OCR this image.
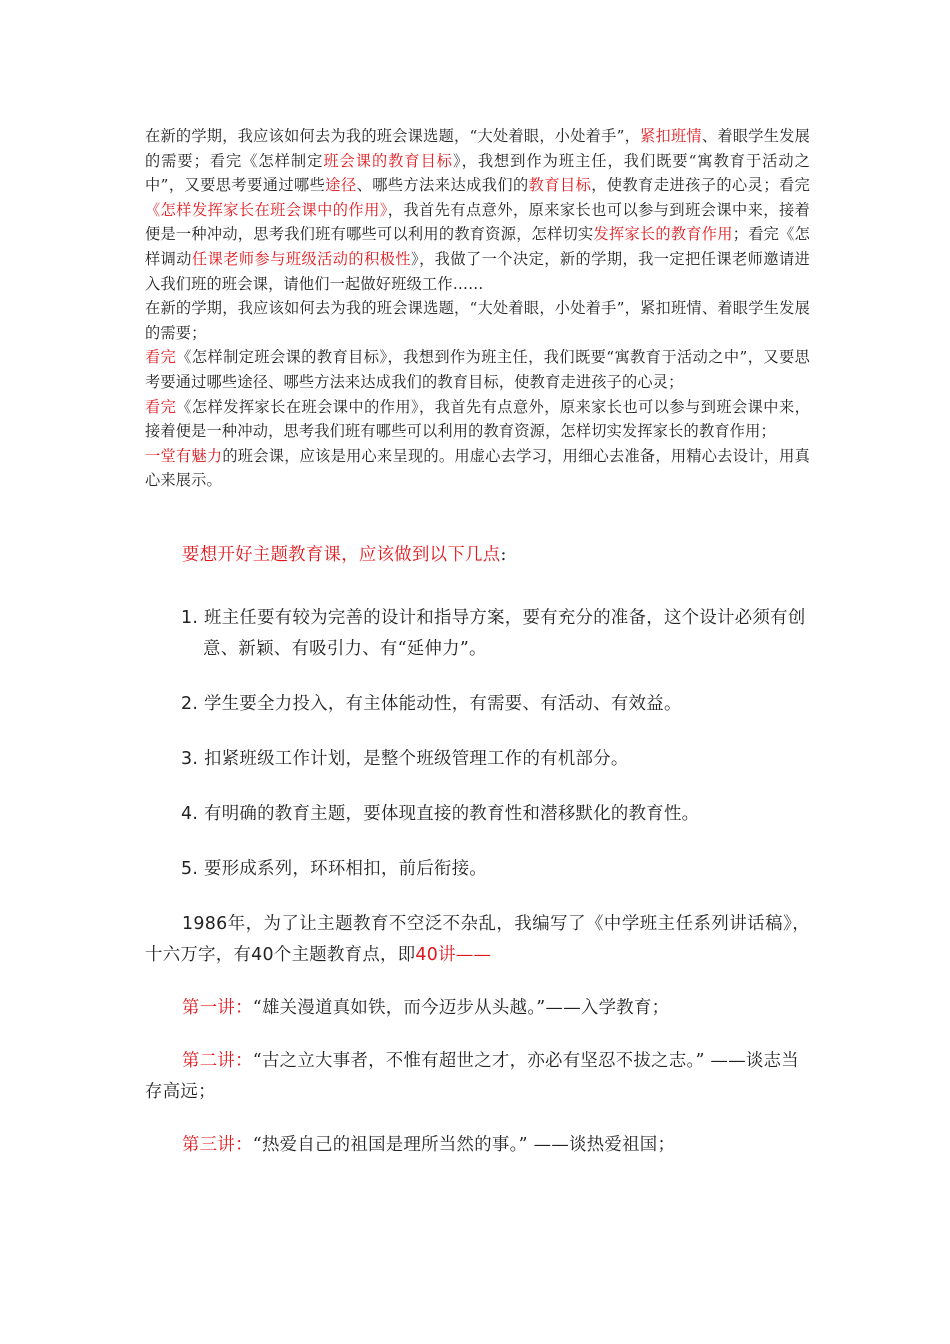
在新的学期，我应该如何去为我的班会课选题，“大处着眼，小处着手”，紧扣班情、着眼学生发展的需要；看完《怎样制定班会课的教育目标》，我想到作为班主任，我们既要“寓教育于活动之中”，又要思考要通过哪些途径、哪些方法来达成我们的教育目标，使教育走进孩子的心灵；看完《怎样发挥家长在班会课中的作用》，我首先有点意外，原来家长也可以参与到班会课中来，接着便是一种冲动，思考我们班有哪些可以利用的教育资源，怎样切实发挥家长的教育作用；看完《怎样调动任课老师参与班级活动的积极性》，我做了一个决定，新的学期，我一定把任课老师邀请进入我们班的班会课，请他们一起做好班级工作……

在新的学期，我应该如何去为我的班会课选题，“大处着眼，小处着手”，紧扣班情、着眼学生发展的需要；

看完《怎样制定班会课的教育目标》，我想到作为班主任，我们既要“寓教育于活动之中”，又要思考要通过哪些途径、哪些方法来达成我们的教育目标，使教育走进孩子的心灵；

看完《怎样发挥家长在班会课中的作用》，我首先有点意外，原来家长也可以参与到班会课中来，接着便是一种冲动，思考我们班有哪些可以利用的教育资源，怎样切实发挥家长的教育作用；

一堂有魅力的班会课，应该是用心来呈现的。用虚心去学习，用细心去准备，用精心去设计，用真心来展示。

要想开好主题教育课，应该做到以下几点:

1. 班主任要有较为完善的设计和指导方案，要有充分的准备，这个设计必须有创意、新颖、有吸引力、有“延伸力”。
2. 学生要全力投入，有主体能动性，有需要、有活动、有效益。
3. 扣紧班级工作计划，是整个班级管理工作的有机部分。
4. 有明确的教育主题，要体现直接的教育性和潜移默化的教育性。
5. 要形成系列，环环相扣，前后衔接。

1986年，为了让主题教育不空泛不杂乱，我编写了《中学班主任系列讲话稿》，十六万字，有40个主题教育点，即40讲——

第一讲：“雄关漫道真如铁，而今迈步从头越。”——入学教育；

第二讲：“古之立大事者，不惟有超世之才，亦必有坚忍不拔之志。” ——谈志当存高远；

第三讲：“热爱自己的祖国是理所当然的事。” ——谈热爱祖国；
